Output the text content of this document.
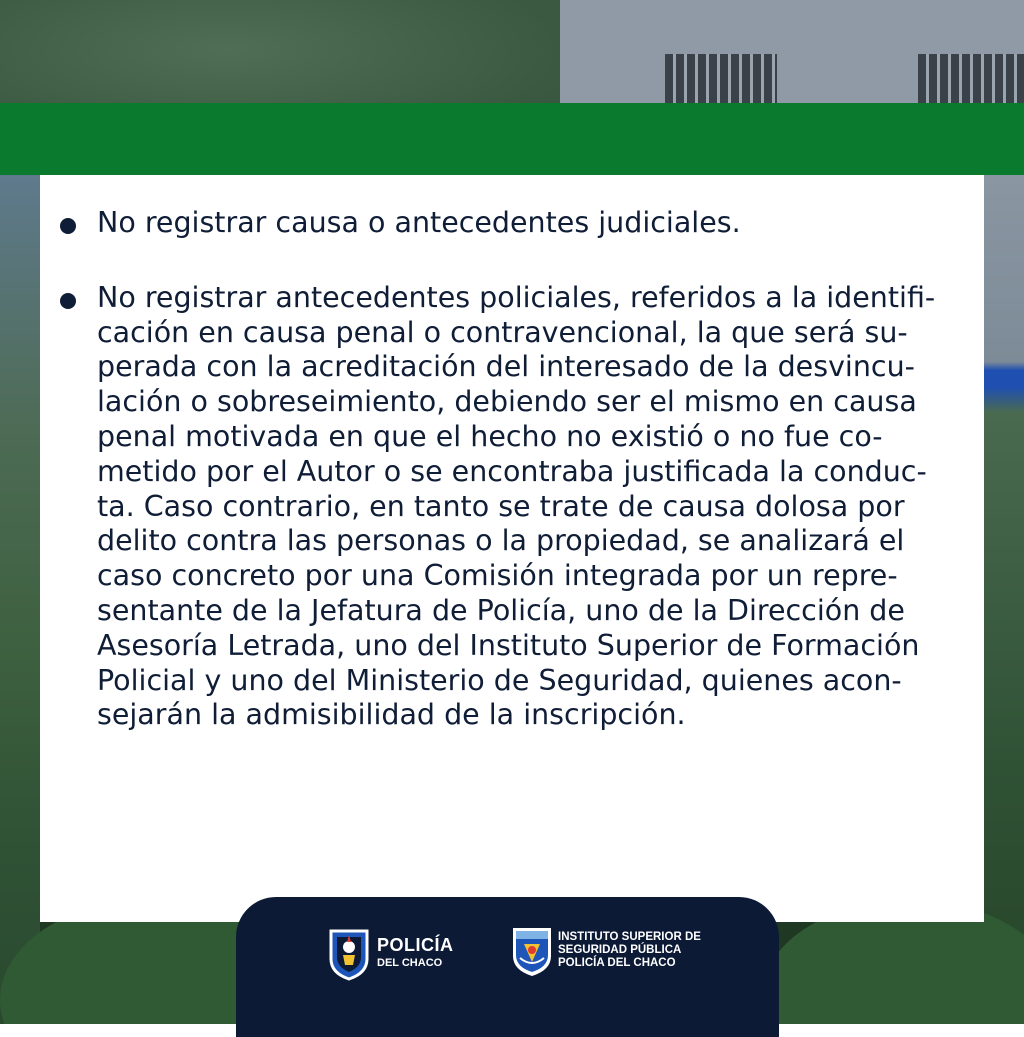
No registrar causa o antecedentes judiciales.
No registrar antecedentes policiales, referidos a la identifi-
cación en causa penal o contravencional, la que será su-
perada con la acreditación del interesado de la desvincu-
lación o sobreseimiento, debiendo ser el mismo en causa
penal motivada en que el hecho no existió o no fue co-
metido por el Autor o se encontraba justificada la conduc-
ta. Caso contrario, en tanto se trate de causa dolosa por
delito contra las personas o la propiedad, se analizará el
caso concreto por una Comisión integrada por un repre-
sentante de la Jefatura de Policía, uno de la Dirección de
Asesoría Letrada, uno del Instituto Superior de Formación
Policial y uno del Ministerio de Seguridad, quienes acon-
sejarán la admisibilidad de la inscripción.
POLICÍA
DEL CHACO
INSTITUTO SUPERIOR DE
SEGURIDAD PÚBLICA
POLICÍA DEL CHACO
